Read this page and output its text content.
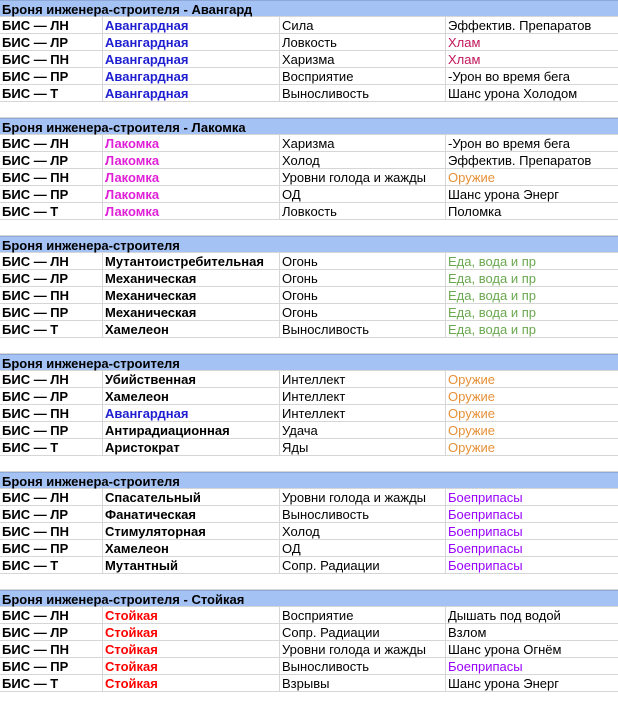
Броня инженера-строителя - Авангард
БИС — ЛН	Авангардная	Сила	Эффектив. Препаратов
БИС — ЛР	Авангардная	Ловкость	Хлам
БИС — ПН	Авангардная	Харизма	Хлам
БИС — ПР	Авангардная	Восприятие	-Урон во время бега
БИС — Т	Авангардная	Выносливость	Шанс урона Холодом
Броня инженера-строителя - Лакомка
БИС — ЛН	Лакомка	Харизма	-Урон во время бега
БИС — ЛР	Лакомка	Холод	Эффектив. Препаратов
БИС — ПН	Лакомка	Уровни голода и жажды	Оружие
БИС — ПР	Лакомка	ОД	Шанс урона Энерг
БИС — Т	Лакомка	Ловкость	Поломка
Броня инженера-строителя
БИС — ЛН	Мутантоистребительная	Огонь	Еда, вода и пр
БИС — ЛР	Механическая	Огонь	Еда, вода и пр
БИС — ПН	Механическая	Огонь	Еда, вода и пр
БИС — ПР	Механическая	Огонь	Еда, вода и пр
БИС — Т	Хамелеон	Выносливость	Еда, вода и пр
Броня инженера-строителя
БИС — ЛН	Убийственная	Интеллект	Оружие
БИС — ЛР	Хамелеон	Интеллект	Оружие
БИС — ПН	Авангардная	Интеллект	Оружие
БИС — ПР	Антирадиационная	Удача	Оружие
БИС — Т	Аристократ	Яды	Оружие
Броня инженера-строителя
БИС — ЛН	Спасательный	Уровни голода и жажды	Боеприпасы
БИС — ЛР	Фанатическая	Выносливость	Боеприпасы
БИС — ПН	Стимуляторная	Холод	Боеприпасы
БИС — ПР	Хамелеон	ОД	Боеприпасы
БИС — Т	Мутантный	Сопр. Радиации	Боеприпасы
Броня инженера-строителя - Стойкая
БИС — ЛН	Стойкая	Восприятие	Дышать под водой
БИС — ЛР	Стойкая	Сопр. Радиации	Взлом
БИС — ПН	Стойкая	Уровни голода и жажды	Шанс урона Огнём
БИС — ПР	Стойкая	Выносливость	Боеприпасы
БИС — Т	Стойкая	Взрывы	Шанс урона Энерг
